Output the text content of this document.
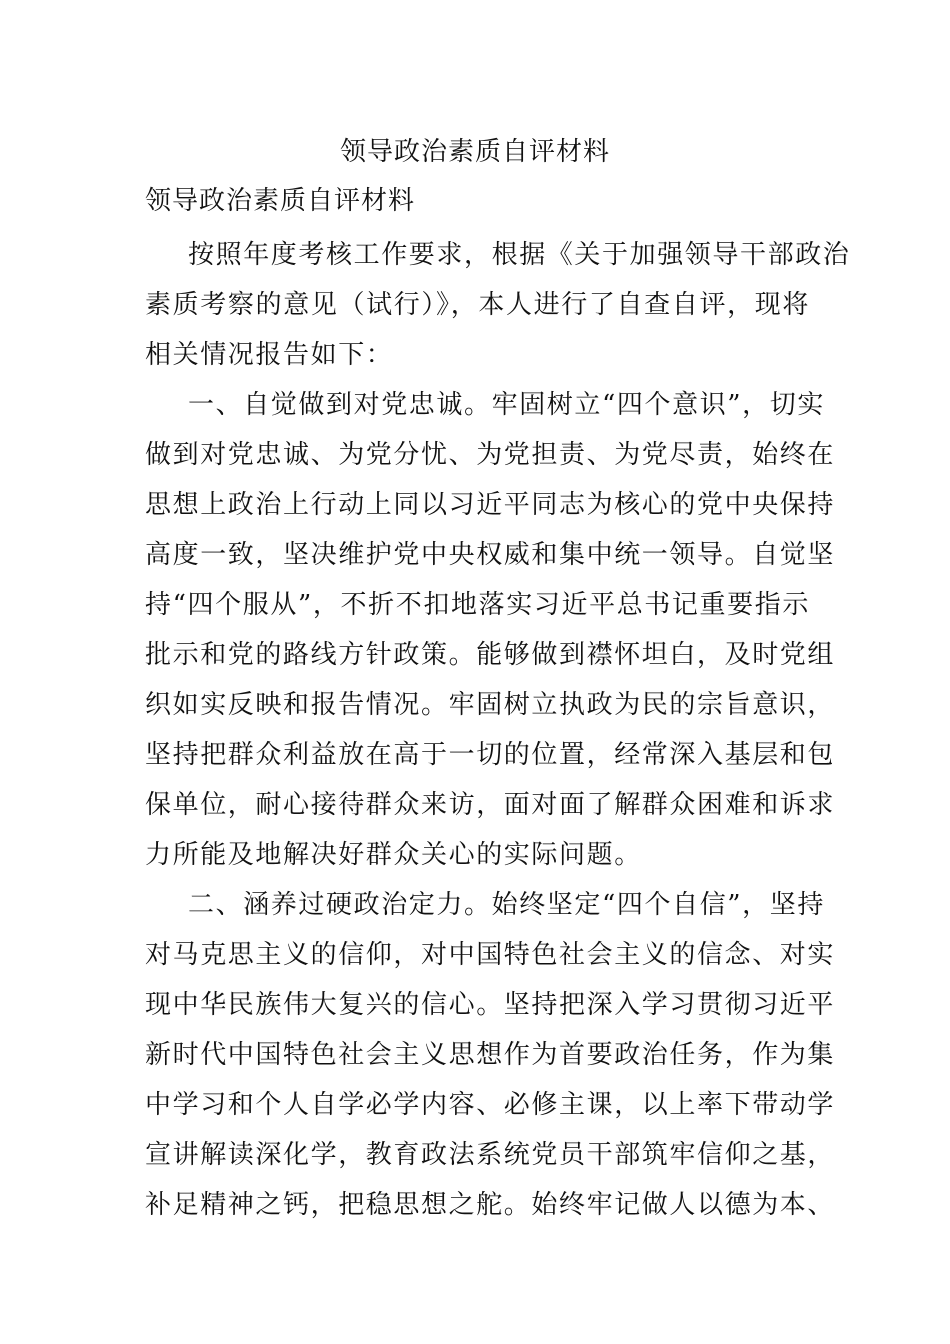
领导政治素质自评材料
领导政治素质自评材料
按照年度考核工作要求，根据《关于加强领导干部政治
素质考察的意见（试行）》，本人进行了自查自评，现将
相关情况报告如下：
一、自觉做到对党忠诚。牢固树立“四个意识”，切实
做到对党忠诚、为党分忧、为党担责、为党尽责，始终在
思想上政治上行动上同以习近平同志为核心的党中央保持
高度一致，坚决维护党中央权威和集中统一领导。自觉坚
持“四个服从”，不折不扣地落实习近平总书记重要指示
批示和党的路线方针政策。能够做到襟怀坦白，及时党组
织如实反映和报告情况。牢固树立执政为民的宗旨意识，
坚持把群众利益放在高于一切的位置，经常深入基层和包
保单位，耐心接待群众来访，面对面了解群众困难和诉求
力所能及地解决好群众关心的实际问题。
二、涵养过硬政治定力。始终坚定“四个自信”，坚持
对马克思主义的信仰，对中国特色社会主义的信念、对实
现中华民族伟大复兴的信心。坚持把深入学习贯彻习近平
新时代中国特色社会主义思想作为首要政治任务，作为集
中学习和个人自学必学内容、必修主课，以上率下带动学
宣讲解读深化学，教育政法系统党员干部筑牢信仰之基，
补足精神之钙，把稳思想之舵。始终牢记做人以德为本、
